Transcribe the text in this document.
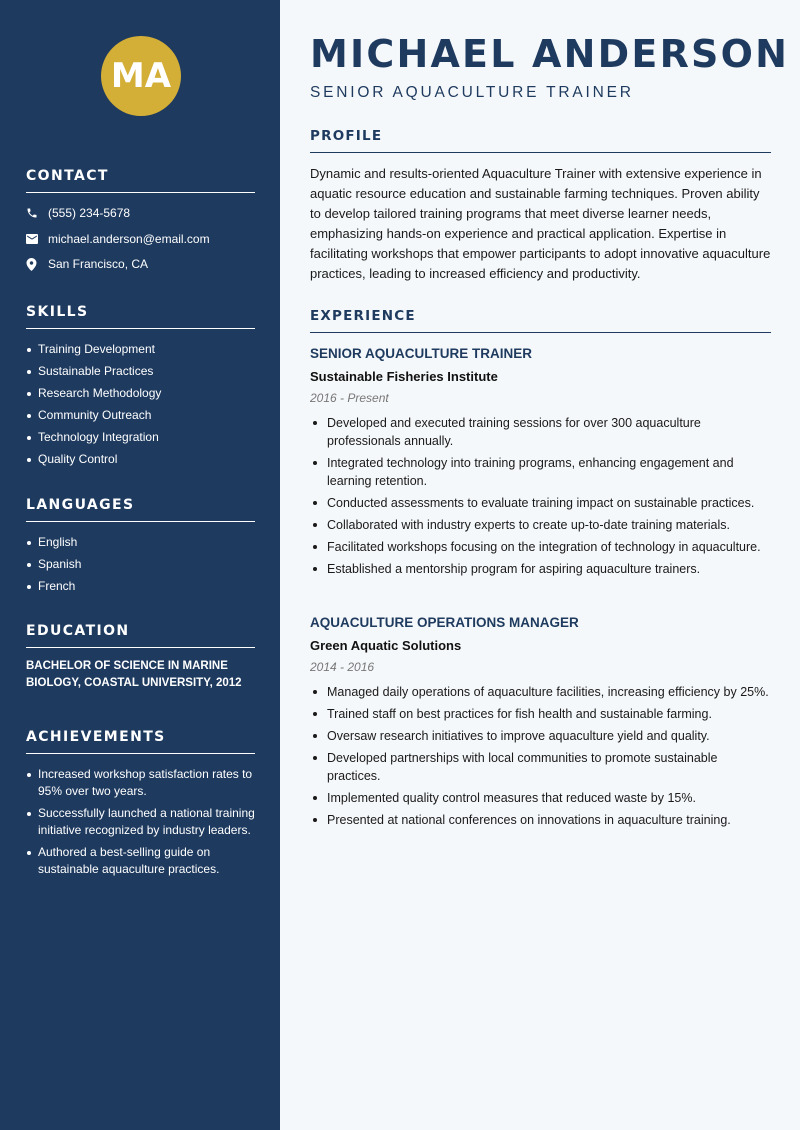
MA
CONTACT
(555) 234-5678
michael.anderson@email.com
San Francisco, CA
SKILLS
Training Development
Sustainable Practices
Research Methodology
Community Outreach
Technology Integration
Quality Control
LANGUAGES
English
Spanish
French
EDUCATION

BACHELOR OF SCIENCE IN MARINE BIOLOGY, COASTAL UNIVERSITY, 2012

ACHIEVEMENTS
Increased workshop satisfaction rates to 95% over two years.
Successfully launched a national training initiative recognized by industry leaders.
Authored a best-selling guide on sustainable aquaculture practices.
MICHAEL ANDERSON
SENIOR AQUACULTURE TRAINER
PROFILE

Dynamic and results-oriented Aquaculture Trainer with extensive experience in aquatic resource education and sustainable farming techniques. Proven ability to develop tailored training programs that meet diverse learner needs, emphasizing hands-on experience and practical application. Expertise in facilitating workshops that empower participants to adopt innovative aquaculture practices, leading to increased efficiency and productivity.

EXPERIENCE
SENIOR AQUACULTURE TRAINER
Sustainable Fisheries Institute
2016 - Present
Developed and executed training sessions for over 300 aquaculture professionals annually.
Integrated technology into training programs, enhancing engagement and learning retention.
Conducted assessments to evaluate training impact on sustainable practices.
Collaborated with industry experts to create up-to-date training materials.
Facilitated workshops focusing on the integration of technology in aquaculture.
Established a mentorship program for aspiring aquaculture trainers.
AQUACULTURE OPERATIONS MANAGER
Green Aquatic Solutions
2014 - 2016
Managed daily operations of aquaculture facilities, increasing efficiency by 25%.
Trained staff on best practices for fish health and sustainable farming.
Oversaw research initiatives to improve aquaculture yield and quality.
Developed partnerships with local communities to promote sustainable practices.
Implemented quality control measures that reduced waste by 15%.
Presented at national conferences on innovations in aquaculture training.
